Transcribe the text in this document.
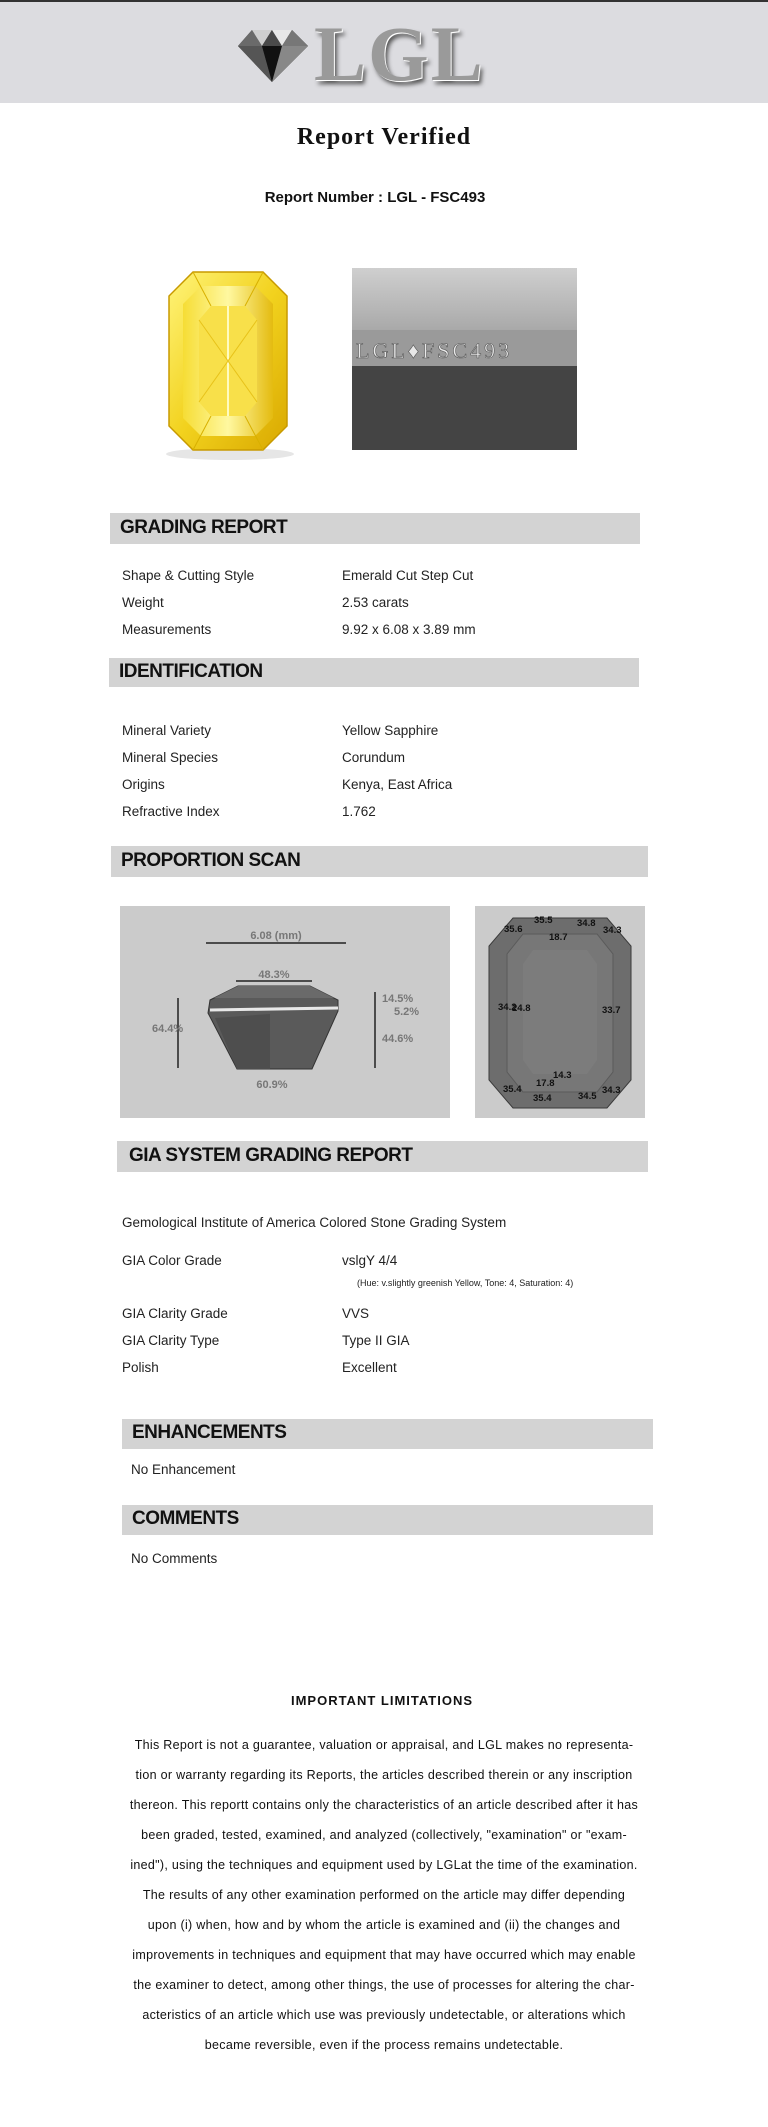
LGL
Report Verified
Report Number : LGL - FSC493
LGL♦FSC493
GRADING REPORT
Shape & Cutting Style	Emerald Cut Step Cut
Weight	2.53 carats
Measurements	9.92 x 6.08 x 3.89 mm
IDENTIFICATION
Mineral Variety	Yellow Sapphire
Mineral Species	Corundum
Origins	Kenya, East Africa
Refractive Index	1.762
PROPORTION SCAN
6.08 (mm)
48.3%
64.4%
14.5%
5.2%
44.6%
60.9%
35.6
35.5	34.8
34.3
18.7
34.2
24.8	33.7
14.3
17.8
35.4
35.4	34.5
34.3
GIA SYSTEM GRADING REPORT
Gemological Institute of America Colored Stone Grading System
GIA Color Grade	vslgY 4/4
(Hue: v.slightly greenish Yellow, Tone: 4, Saturation: 4)
GIA Clarity Grade	VVS
GIA Clarity Type	Type II GIA
Polish	Excellent
ENHANCEMENTS
No Enhancement
COMMENTS
No Comments
IMPORTANT LIMITATIONS
This Report is not a guarantee, valuation or appraisal, and LGL makes no representa-
tion or warranty regarding its Reports, the articles described therein or any inscription
thereon. This reportt contains only the characteristics of an article described after it has
been graded, tested, examined, and analyzed (collectively, "examination" or "exam-
ined"), using the techniques and equipment used by LGLat the time of the examination.
The results of any other examination performed on the article may differ depending
upon (i) when, how and by whom the article is examined and (ii) the changes and
improvements in techniques and equipment that may have occurred which may enable
the examiner to detect, among other things, the use of processes for altering the char-
acteristics of an article which use was previously undetectable, or alterations which
became reversible, even if the process remains undetectable.
